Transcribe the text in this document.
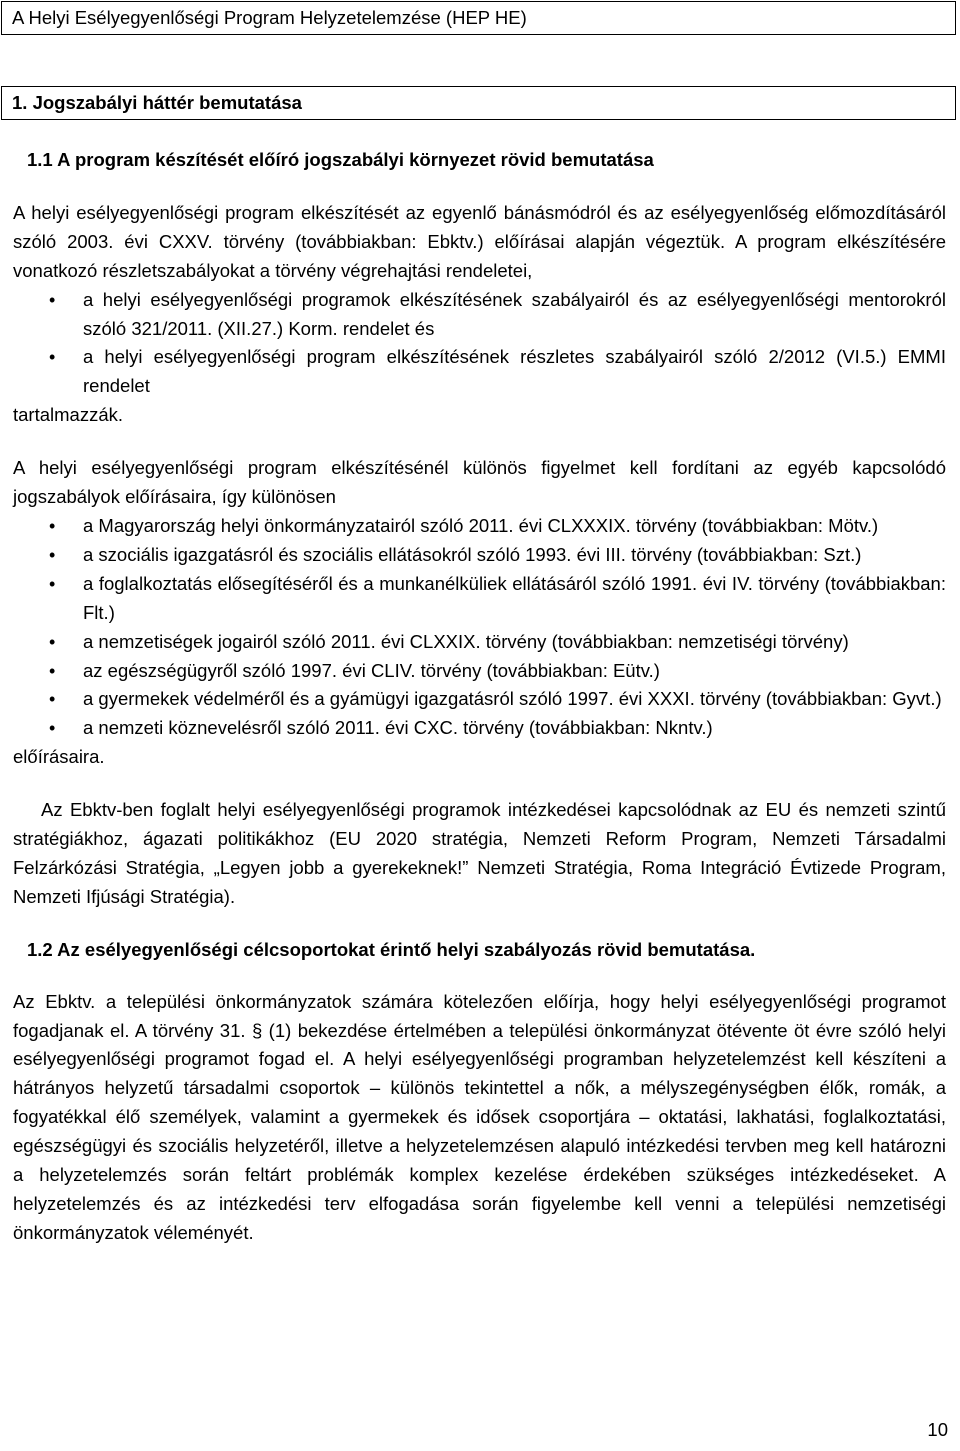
A Helyi Esélyegyenlőségi Program Helyzetelemzése (HEP HE)
1. Jogszabályi háttér bemutatása

1.1 A program készítését előíró jogszabályi környezet rövid bemutatása

A helyi esélyegyenlőségi program elkészítését az egyenlő bánásmódról és az esélyegyenlőség előmozdításáról szóló 2003. évi CXXV. törvény (továbbiakban: Ebktv.) előírásai alapján végeztük. A program elkészítésére vonatkozó részletszabályokat a törvény végrehajtási rendeletei,

• a helyi esélyegyenlőségi programok elkészítésének szabályairól és az esélyegyenlőségi mentorokról szóló 321/2011. (XII.27.) Korm. rendelet és
• a helyi esélyegyenlőségi program elkészítésének részletes szabályairól szóló 2/2012 (VI.5.) EMMI rendelet

tartalmazzák.

A helyi esélyegyenlőségi program elkészítésénél különös figyelmet kell fordítani az egyéb kapcsolódó jogszabályok előírásaira, így különösen

• a Magyarország helyi önkormányzatairól szóló 2011. évi CLXXXIX. törvény (továbbiakban: Mötv.)
• a szociális igazgatásról és szociális ellátásokról szóló 1993. évi III. törvény (továbbiakban: Szt.)
• a foglalkoztatás elősegítéséről és a munkanélküliek ellátásáról szóló 1991. évi IV. törvény (továbbiakban: Flt.)
• a nemzetiségek jogairól szóló 2011. évi CLXXIX. törvény (továbbiakban: nemzetiségi törvény)
• az egészségügyről szóló 1997. évi CLIV. törvény (továbbiakban: Eütv.)
• a gyermekek védelméről és a gyámügyi igazgatásról szóló 1997. évi XXXI. törvény (továbbiakban: Gyvt.)
• a nemzeti köznevelésről szóló 2011. évi CXC. törvény (továbbiakban: Nkntv.)

előírásaira.

Az Ebktv-ben foglalt helyi esélyegyenlőségi programok intézkedései kapcsolódnak az EU és nemzeti szintű stratégiákhoz, ágazati politikákhoz (EU 2020 stratégia, Nemzeti Reform Program, Nemzeti Társadalmi Felzárkózási Stratégia, „Legyen jobb a gyerekeknek!” Nemzeti Stratégia, Roma Integráció Évtizede Program, Nemzeti Ifjúsági Stratégia).

1.2 Az esélyegyenlőségi célcsoportokat érintő helyi szabályozás rövid bemutatása.

Az Ebktv. a települési önkormányzatok számára kötelezően előírja, hogy helyi esélyegyenlőségi programot fogadjanak el. A törvény 31. § (1) bekezdése értelmében a települési önkormányzat ötévente öt évre szóló helyi esélyegyenlőségi programot fogad el. A helyi esélyegyenlőségi programban helyzetelemzést kell készíteni a hátrányos helyzetű társadalmi csoportok – különös tekintettel a nők, a mélyszegénységben élők, romák, a fogyatékkal élő személyek, valamint a gyermekek és idősek csoportjára – oktatási, lakhatási, foglalkoztatási, egészségügyi és szociális helyzetéről, illetve a helyzetelemzésen alapuló intézkedési tervben meg kell határozni a helyzetelemzés során feltárt problémák komplex kezelése érdekében szükséges intézkedéseket. A helyzetelemzés és az intézkedési terv elfogadása során figyelembe kell venni a települési nemzetiségi önkormányzatok véleményét.

10
